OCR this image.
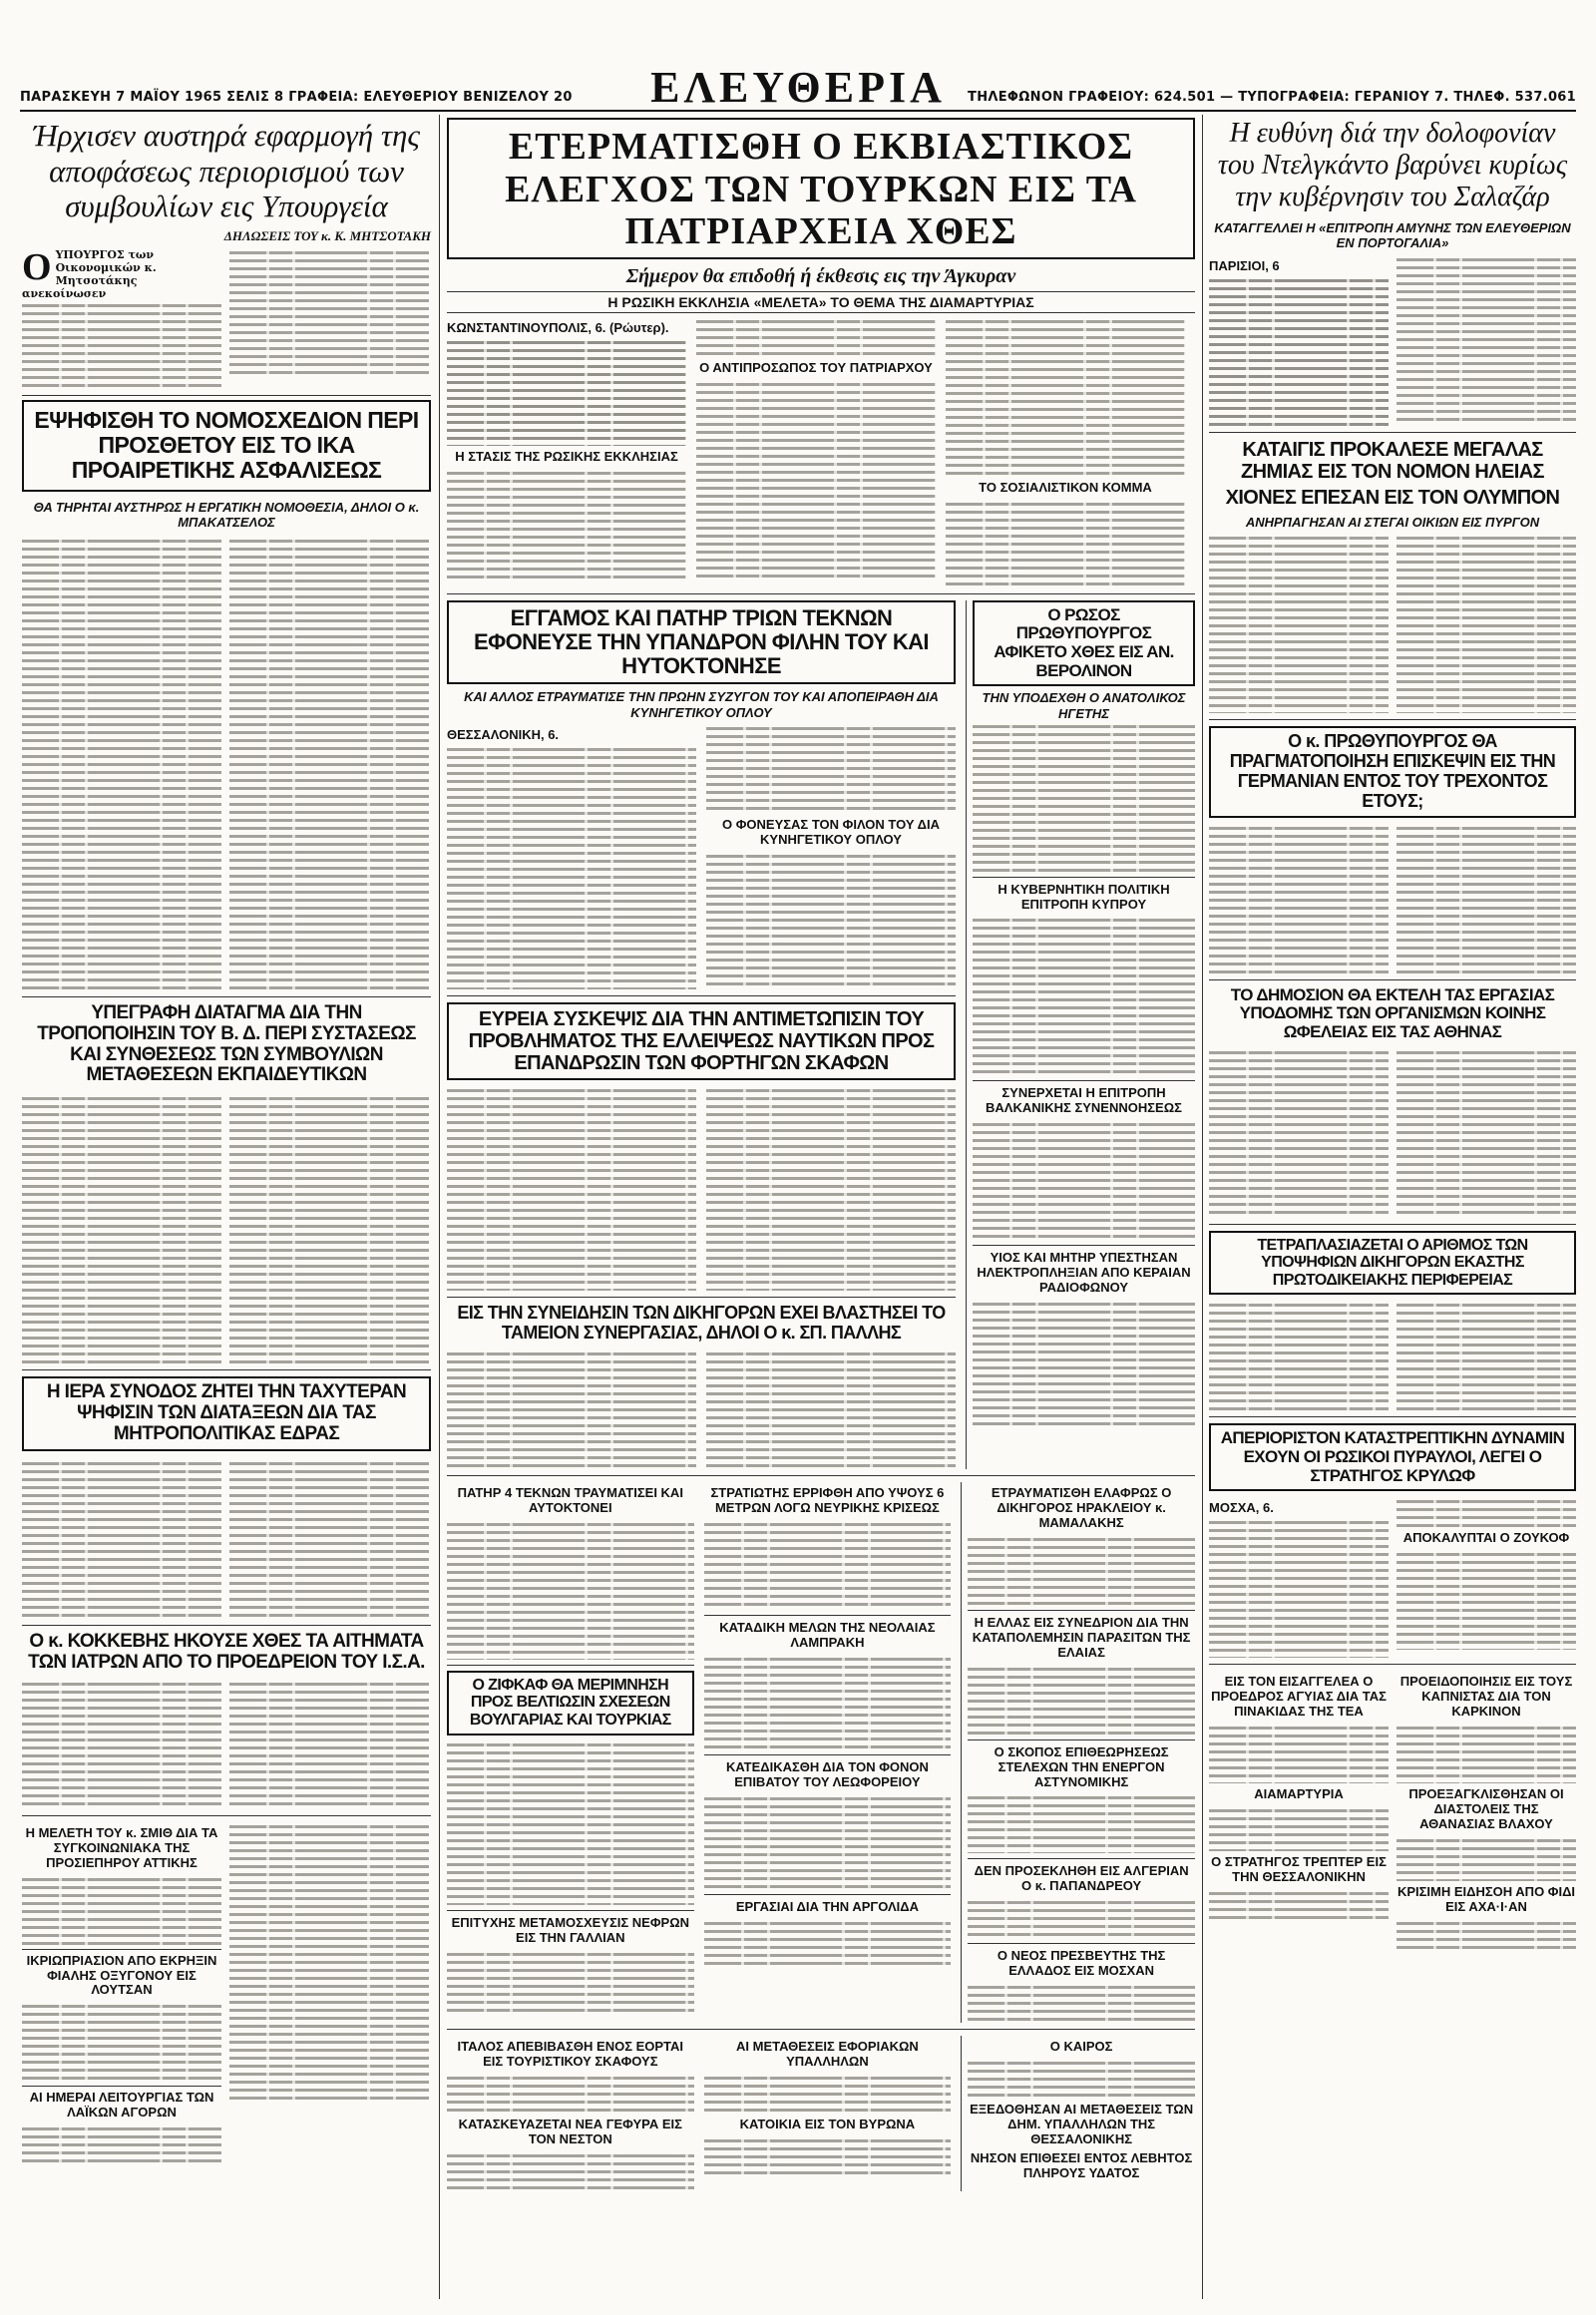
ΠΑΡΑΣΚΕΥΗ 7 ΜΑΪΟΥ 1965 ΣΕΛΙΣ 8 ΓΡΑΦΕΙΑ: ΕΛΕΥΘΕΡΙΟΥ ΒΕΝΙΖΕΛΟΥ 20	ΕΛΕΥΘΕΡΙΑ	ΤΗΛΕΦΩΝΟΝ ΓΡΑΦΕΙΟΥ: 624.501 — ΤΥΠΟΓΡΑΦΕΙΑ: ΓΕΡΑΝΙΟΥ 7. ΤΗΛΕΦ. 537.061

Ήρχισεν αυστηρά εφαρμογή της αποφάσεως περιορισμού των συμβουλίων εις Υπουργεία

ΔΗΛΩΣΕΙΣ ΤΟΥ κ. Κ. ΜΗΤΣΟΤΑΚΗ
Ο ΥΠΟΥΡΓΟΣ των Οικονομικών κ. Μητσοτάκης ανεκοίνωσεν

ΕΨΗΦΙΣΘΗ ΤΟ ΝΟΜΟΣΧΕΔΙΟΝ ΠΕΡΙ ΠΡΟΣΘΕΤΟΥ ΕΙΣ ΤΟ ΙΚΑ ΠΡΟΑΙΡΕΤΙΚΗΣ ΑΣΦΑΛΙΣΕΩΣ

ΘΑ ΤΗΡΗΤΑΙ ΑΥΣΤΗΡΩΣ Η ΕΡΓΑΤΙΚΗ ΝΟΜΟΘΕΣΙΑ, ΔΗΛΟΙ Ο κ. ΜΠΑΚΑΤΣΕΛΟΣ

ΥΠΕΓΡΑΦΗ ΔΙΑΤΑΓΜΑ ΔΙΑ ΤΗΝ ΤΡΟΠΟΠΟΙΗΣΙΝ ΤΟΥ Β. Δ. ΠΕΡΙ ΣΥΣΤΑΣΕΩΣ ΚΑΙ ΣΥΝΘΕΣΕΩΣ ΤΩΝ ΣΥΜΒΟΥΛΙΩΝ ΜΕΤΑΘΕΣΕΩΝ ΕΚΠΑΙΔΕΥΤΙΚΩΝ

Η ΙΕΡΑ ΣΥΝΟΔΟΣ ΖΗΤΕΙ ΤΗΝ ΤΑΧΥΤΕΡΑΝ ΨΗΦΙΣΙΝ ΤΩΝ ΔΙΑΤΑΞΕΩΝ ΔΙΑ ΤΑΣ ΜΗΤΡΟΠΟΛΙΤΙΚΑΣ ΕΔΡΑΣ

Ο κ. ΚΟΚΚΕΒΗΣ ΗΚΟΥΣΕ ΧΘΕΣ ΤΑ ΑΙΤΗΜΑΤΑ ΤΩΝ ΙΑΤΡΩΝ ΑΠΟ ΤΟ ΠΡΟΕΔΡΕΙΟΝ ΤΟΥ Ι.Σ.Α.

Η ΜΕΛΕΤΗ ΤΟΥ κ. ΣΜΙΘ ΔΙΑ ΤΑ ΣΥΓΚΟΙΝΩΝΙΑΚΑ ΤΗΣ ΠΡΟΣΙΕΠΗΡΟΥ ΑΤΤΙΚΗΣ

ΙΚΡΙΩΠΡΙΑΣΙΟΝ ΑΠΟ ΕΚΡΗΞΙΝ ΦΙΑΛΗΣ ΟΞΥΓΟΝΟΥ ΕΙΣ ΛΟΥΤΣΑΝ

ΑΙ ΗΜΕΡΑΙ ΛΕΙΤΟΥΡΓΙΑΣ ΤΩΝ ΛΑΪΚΩΝ ΑΓΟΡΩΝ

ΕΤΕΡΜΑΤΙΣΘΗ Ο ΕΚΒΙΑΣΤΙΚΟΣ ΕΛΕΓΧΟΣ ΤΩΝ ΤΟΥΡΚΩΝ ΕΙΣ ΤΑ ΠΑΤΡΙΑΡΧΕΙΑ ΧΘΕΣ

Σήμερον θα επιδοθή ή έκθεσις εις την Άγκυραν

Η ΡΩΣΙΚΗ ΕΚΚΛΗΣΙΑ «ΜΕΛΕΤΑ» ΤΟ ΘΕΜΑ ΤΗΣ ΔΙΑΜΑΡΤΥΡΙΑΣ

ΚΩΝΣΤΑΝΤΙΝΟΥΠΟΛΙΣ, 6. (Ρώυτερ).

Η ΣΤΑΣΙΣ ΤΗΣ ΡΩΣΙΚΗΣ ΕΚΚΛΗΣΙΑΣ

Ο ΑΝΤΙΠΡΟΣΩΠΟΣ ΤΟΥ ΠΑΤΡΙΑΡΧΟΥ

ΤΟ ΣΟΣΙΑΛΙΣΤΙΚΟΝ ΚΟΜΜΑ

ΕΓΓΑΜΟΣ ΚΑΙ ΠΑΤΗΡ ΤΡΙΩΝ ΤΕΚΝΩΝ ΕΦΟΝΕΥΣΕ ΤΗΝ ΥΠΑΝΔΡΟΝ ΦΙΛΗΝ ΤΟΥ ΚΑΙ ΗΥΤΟΚΤΟΝΗΣΕ

ΚΑΙ ΑΛΛΟΣ ΕΤΡΑΥΜΑΤΙΣΕ ΤΗΝ ΠΡΩΗΝ ΣΥΖΥΓΟΝ ΤΟΥ ΚΑΙ ΑΠΟΠΕΙΡΑΘΗ ΔΙΑ ΚΥΝΗΓΕΤΙΚΟΥ ΟΠΛΟΥ

ΘΕΣΣΑΛΟΝΙΚΗ, 6.

Ο ΦΟΝΕΥΣΑΣ ΤΟΝ ΦΙΛΟΝ ΤΟΥ ΔΙΑ ΚΥΝΗΓΕΤΙΚΟΥ ΟΠΛΟΥ

ΕΥΡΕΙΑ ΣΥΣΚΕΨΙΣ ΔΙΑ ΤΗΝ ΑΝΤΙΜΕΤΩΠΙΣΙΝ ΤΟΥ ΠΡΟΒΛΗΜΑΤΟΣ ΤΗΣ ΕΛΛΕΙΨΕΩΣ ΝΑΥΤΙΚΩΝ ΠΡΟΣ ΕΠΑΝΔΡΩΣΙΝ ΤΩΝ ΦΟΡΤΗΓΩΝ ΣΚΑΦΩΝ

ΕΙΣ ΤΗΝ ΣΥΝΕΙΔΗΣΙΝ ΤΩΝ ΔΙΚΗΓΟΡΩΝ ΕΧΕΙ ΒΛΑΣΤΗΣΕΙ ΤΟ ΤΑΜΕΙΟΝ ΣΥΝΕΡΓΑΣΙΑΣ, ΔΗΛΟΙ Ο κ. ΣΠ. ΠΑΛΛΗΣ

Ο ΡΩΣΟΣ ΠΡΩΘΥΠΟΥΡΓΟΣ ΑΦΙΚΕΤΟ ΧΘΕΣ ΕΙΣ ΑΝ. ΒΕΡΟΛΙΝΟΝ

ΤΗΝ ΥΠΟΔΕΧΘΗ Ο ΑΝΑΤΟΛΙΚΟΣ ΗΓΕΤΗΣ

Η ΚΥΒΕΡΝΗΤΙΚΗ ΠΟΛΙΤΙΚΗ ΕΠΙΤΡΟΠΗ ΚΥΠΡΟΥ

ΣΥΝΕΡΧΕΤΑΙ Η ΕΠΙΤΡΟΠΗ ΒΑΛΚΑΝΙΚΗΣ ΣΥΝΕΝΝΟΗΣΕΩΣ

ΥΙΟΣ ΚΑΙ ΜΗΤΗΡ ΥΠΕΣΤΗΣΑΝ ΗΛΕΚΤΡΟΠΛΗΞΙΑΝ ΑΠΟ ΚΕΡΑΙΑΝ ΡΑΔΙΟΦΩΝΟΥ

ΠΑΤΗΡ 4 ΤΕΚΝΩΝ ΤΡΑΥΜΑΤΙΣΕΙ ΚΑΙ ΑΥΤΟΚΤΟΝΕΙ

Ο ΖΙΦΚΑΦ ΘΑ ΜΕΡΙΜΝΗΣΗ ΠΡΟΣ ΒΕΛΤΙΩΣΙΝ ΣΧΕΣΕΩΝ ΒΟΥΛΓΑΡΙΑΣ ΚΑΙ ΤΟΥΡΚΙΑΣ

ΕΠΙΤΥΧΗΣ ΜΕΤΑΜΟΣΧΕΥΣΙΣ ΝΕΦΡΩΝ ΕΙΣ ΤΗΝ ΓΑΛΛΙΑΝ

ΣΤΡΑΤΙΩΤΗΣ ΕΡΡΙΦΘΗ ΑΠΟ ΥΨΟΥΣ 6 ΜΕΤΡΩΝ ΛΟΓΩ ΝΕΥΡΙΚΗΣ ΚΡΙΣΕΩΣ

ΚΑΤΑΔΙΚΗ ΜΕΛΩΝ ΤΗΣ ΝΕΟΛΑΙΑΣ ΛΑΜΠΡΑΚΗ

ΚΑΤΕΔΙΚΑΣΘΗ ΔΙΑ ΤΟΝ ΦΟΝΟΝ ΕΠΙΒΑΤΟΥ ΤΟΥ ΛΕΩΦΟΡΕΙΟΥ

ΕΡΓΑΣΙΑΙ ΔΙΑ ΤΗΝ ΑΡΓΟΛΙΔΑ

ΕΤΡΑΥΜΑΤΙΣΘΗ ΕΛΑΦΡΩΣ Ο ΔΙΚΗΓΟΡΟΣ ΗΡΑΚΛΕΙΟΥ κ. ΜΑΜΑΛΑΚΗΣ

Η ΕΛΛΑΣ ΕΙΣ ΣΥΝΕΔΡΙΟΝ ΔΙΑ ΤΗΝ ΚΑΤΑΠΟΛΕΜΗΣΙΝ ΠΑΡΑΣΙΤΩΝ ΤΗΣ ΕΛΑΙΑΣ

Ο ΣΚΟΠΟΣ ΕΠΙΘΕΩΡΗΣΕΩΣ ΣΤΕΛΕΧΩΝ ΤΗΝ ΕΝΕΡΓΟΝ ΑΣΤΥΝΟΜΙΚΗΣ

ΔΕΝ ΠΡΟΣΕΚΛΗΘΗ ΕΙΣ ΑΛΓΕΡΙΑΝ Ο κ. ΠΑΠΑΝΔΡΕΟΥ

Ο ΝΕΟΣ ΠΡΕΣΒΕΥΤΗΣ ΤΗΣ ΕΛΛΑΔΟΣ ΕΙΣ ΜΟΣΧΑΝ

ΙΤΑΛΟΣ ΑΠΕΒΙΒΑΣΘΗ ΕΝΟΣ ΕΟΡΤΑΙ ΕΙΣ ΤΟΥΡΙΣΤΙΚΟΥ ΣΚΑΦΟΥΣ

ΚΑΤΑΣΚΕΥΑΖΕΤΑΙ ΝΕΑ ΓΕΦΥΡΑ ΕΙΣ ΤΟΝ ΝΕΣΤΟΝ

ΑΙ ΜΕΤΑΘΕΣΕΙΣ ΕΦΟΡΙΑΚΩΝ ΥΠΑΛΛΗΛΩΝ

ΚΑΤΟΙΚΙΑ ΕΙΣ ΤΟΝ ΒΥΡΩΝΑ

Ο ΚΑΙΡΟΣ

ΕΞΕΔΟΘΗΣΑΝ ΑΙ ΜΕΤΑΘΕΣΕΙΣ ΤΩΝ ΔΗΜ. ΥΠΑΛΛΗΛΩΝ ΤΗΣ ΘΕΣΣΑΛΟΝΙΚΗΣ

ΝΗΣΟΝ ΕΠΙΘΕΣΕΙ ΕΝΤΟΣ ΛΕΒΗΤΟΣ ΠΛΗΡΟΥΣ ΥΔΑΤΟΣ

Η ευθύνη διά την δολοφονίαν του Ντελγκάντο βαρύνει κυρίως την κυβέρνησιν του Σαλαζάρ

ΚΑΤΑΓΓΕΛΛΕΙ Η «ΕΠΙΤΡΟΠΗ ΑΜΥΝΗΣ ΤΩΝ ΕΛΕΥΘΕΡΙΩΝ ΕΝ ΠΟΡΤΟΓΑΛΙΑ»

ΠΑΡΙΣΙΟΙ, 6

ΚΑΤΑΙΓΙΣ ΠΡΟΚΑΛΕΣΕ ΜΕΓΑΛΑΣ ΖΗΜΙΑΣ ΕΙΣ ΤΟΝ ΝΟΜΟΝ ΗΛΕΙΑΣ

ΧΙΟΝΕΣ ΕΠΕΣΑΝ ΕΙΣ ΤΟΝ ΟΛΥΜΠΟΝ

ΑΝΗΡΠΑΓΗΣΑΝ ΑΙ ΣΤΕΓΑΙ ΟΙΚΙΩΝ ΕΙΣ ΠΥΡΓΟΝ

Ο κ. ΠΡΩΘΥΠΟΥΡΓΟΣ ΘΑ ΠΡΑΓΜΑΤΟΠΟΙΗΣΗ ΕΠΙΣΚΕΨΙΝ ΕΙΣ ΤΗΝ ΓΕΡΜΑΝΙΑΝ ΕΝΤΟΣ ΤΟΥ ΤΡΕΧΟΝΤΟΣ ΕΤΟΥΣ;

ΤΟ ΔΗΜΟΣΙΟΝ ΘΑ ΕΚΤΕΛΗ ΤΑΣ ΕΡΓΑΣΙΑΣ ΥΠΟΔΟΜΗΣ ΤΩΝ ΟΡΓΑΝΙΣΜΩΝ ΚΟΙΝΗΣ ΩΦΕΛΕΙΑΣ ΕΙΣ ΤΑΣ ΑΘΗΝΑΣ

ΤΕΤΡΑΠΛΑΣΙΑΖΕΤΑΙ Ο ΑΡΙΘΜΟΣ ΤΩΝ ΥΠΟΨΗΦΙΩΝ ΔΙΚΗΓΟΡΩΝ ΕΚΑΣΤΗΣ ΠΡΩΤΟΔΙΚΕΙΑΚΗΣ ΠΕΡΙΦΕΡΕΙΑΣ

ΑΠΕΡΙΟΡΙΣΤΟΝ ΚΑΤΑΣΤΡΕΠΤΙΚΗΝ ΔΥΝΑΜΙΝ ΕΧΟΥΝ ΟΙ ΡΩΣΙΚΟΙ ΠΥΡΑΥΛΟΙ, ΛΕΓΕΙ Ο ΣΤΡΑΤΗΓΟΣ ΚΡΥΛΩΦ

ΜΟΣΧΑ, 6.

ΑΠΟΚΑΛΥΠΤΑΙ Ο ΖΟΥΚΟΦ

ΕΙΣ ΤΟΝ ΕΙΣΑΓΓΕΛΕΑ Ο ΠΡΟΕΔΡΟΣ ΑΓΥΙΑΣ ΔΙΑ ΤΑΣ ΠΙΝΑΚΙΔΑΣ ΤΗΣ ΤΕΑ

ΑΙΑΜΑΡΤΥΡΙΑ

Ο ΣΤΡΑΤΗΓΟΣ ΤΡΕΠΤΕΡ ΕΙΣ ΤΗΝ ΘΕΣΣΑΛΟΝΙΚΗΝ

ΠΡΟΕΙΔΟΠΟΙΗΣΙΣ ΕΙΣ ΤΟΥΣ ΚΑΠΝΙΣΤΑΣ ΔΙΑ ΤΟΝ ΚΑΡΚΙΝΟΝ

ΠΡΟΕΞΑΓΚΛΙΣΘΗΣΑΝ ΟΙ ΔΙΑΣΤΟΛΕΙΣ ΤΗΣ ΑΘΑΝΑΣΙΑΣ ΒΛΑΧΟΥ

ΚΡΙΣΙΜΗ ΕΙΔΗΣΟΗ ΑΠΟ ΦΙΔΙ ΕΙΣ ΑΧΑ·Ι·ΑΝ
